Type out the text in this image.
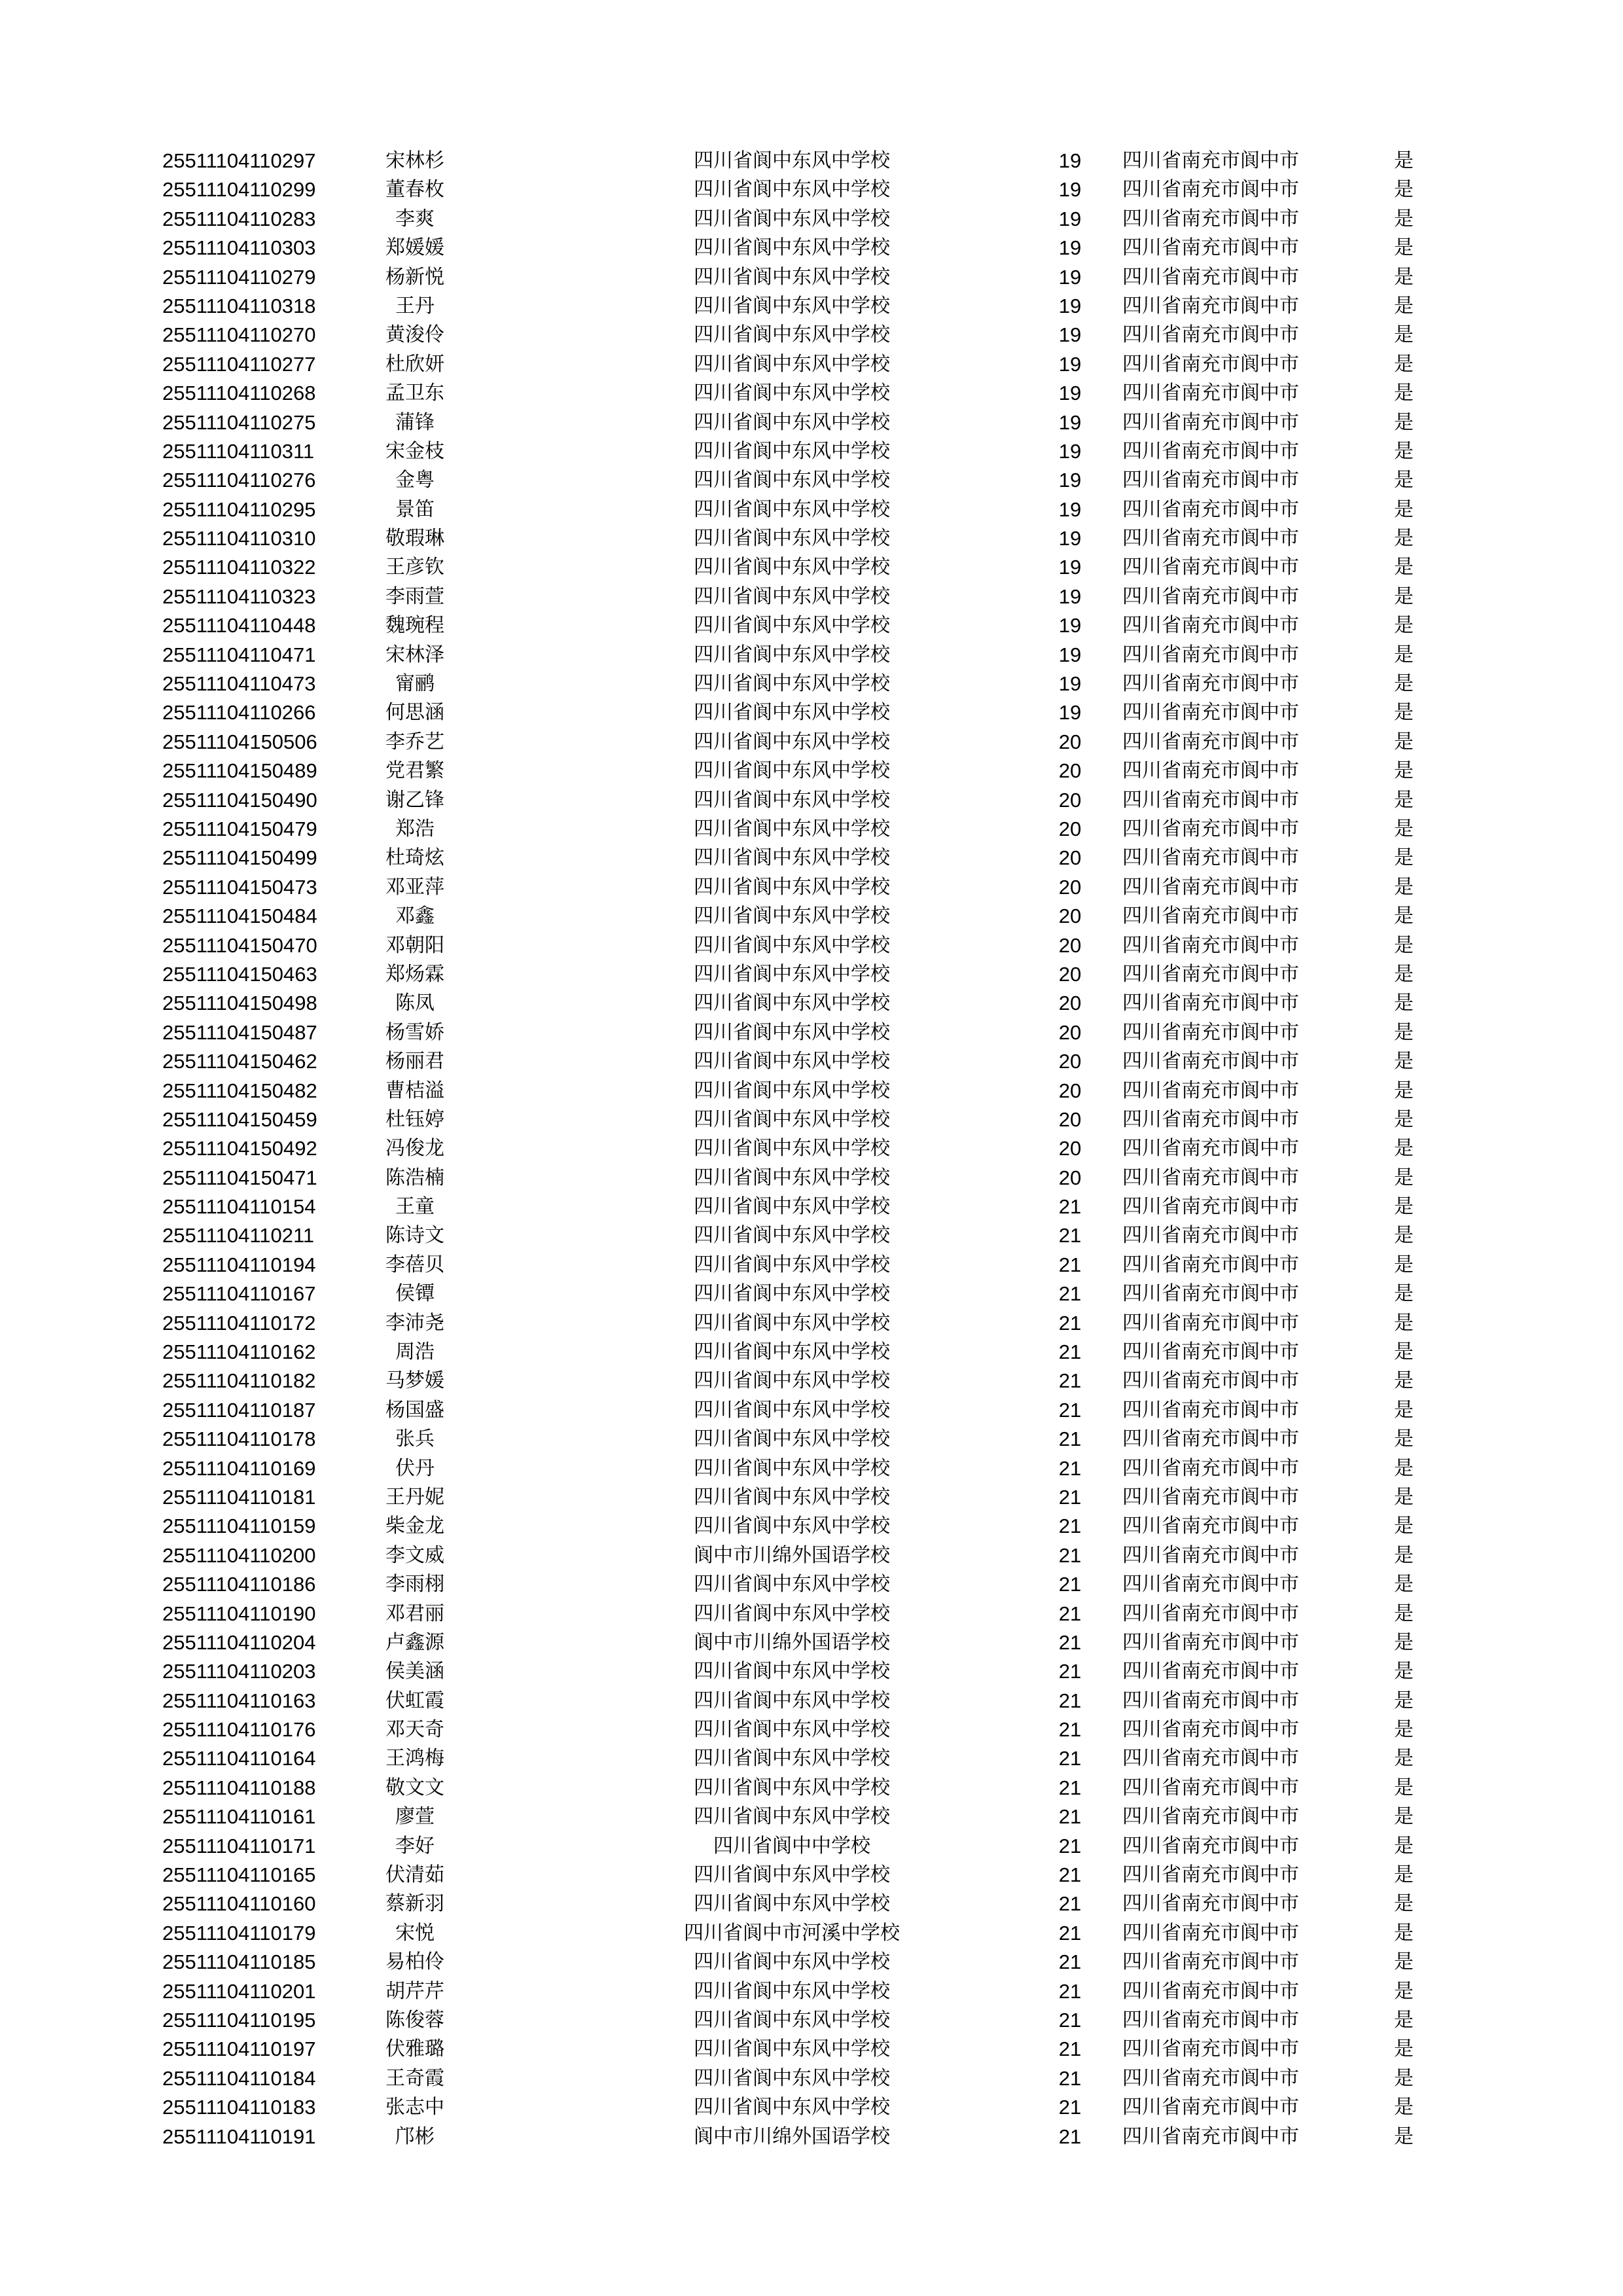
25511104110297	宋林杉	四川省阆中东风中学校	19	四川省南充市阆中市	是
25511104110299	董春枚	四川省阆中东风中学校	19	四川省南充市阆中市	是
25511104110283	李爽	四川省阆中东风中学校	19	四川省南充市阆中市	是
25511104110303	郑媛媛	四川省阆中东风中学校	19	四川省南充市阆中市	是
25511104110279	杨新悦	四川省阆中东风中学校	19	四川省南充市阆中市	是
25511104110318	王丹	四川省阆中东风中学校	19	四川省南充市阆中市	是
25511104110270	黄浚伶	四川省阆中东风中学校	19	四川省南充市阆中市	是
25511104110277	杜欣妍	四川省阆中东风中学校	19	四川省南充市阆中市	是
25511104110268	孟卫东	四川省阆中东风中学校	19	四川省南充市阆中市	是
25511104110275	蒲锋	四川省阆中东风中学校	19	四川省南充市阆中市	是
25511104110311	宋金枝	四川省阆中东风中学校	19	四川省南充市阆中市	是
25511104110276	金粤	四川省阆中东风中学校	19	四川省南充市阆中市	是
25511104110295	景笛	四川省阆中东风中学校	19	四川省南充市阆中市	是
25511104110310	敬瑕琳	四川省阆中东风中学校	19	四川省南充市阆中市	是
25511104110322	王彦钦	四川省阆中东风中学校	19	四川省南充市阆中市	是
25511104110323	李雨萱	四川省阆中东风中学校	19	四川省南充市阆中市	是
25511104110448	魏琬程	四川省阆中东风中学校	19	四川省南充市阆中市	是
25511104110471	宋林泽	四川省阆中东风中学校	19	四川省南充市阆中市	是
25511104110473	甯鹂	四川省阆中东风中学校	19	四川省南充市阆中市	是
25511104110266	何思涵	四川省阆中东风中学校	19	四川省南充市阆中市	是
25511104150506	李乔艺	四川省阆中东风中学校	20	四川省南充市阆中市	是
25511104150489	党君繁	四川省阆中东风中学校	20	四川省南充市阆中市	是
25511104150490	谢乙锋	四川省阆中东风中学校	20	四川省南充市阆中市	是
25511104150479	郑浩	四川省阆中东风中学校	20	四川省南充市阆中市	是
25511104150499	杜琦炫	四川省阆中东风中学校	20	四川省南充市阆中市	是
25511104150473	邓亚萍	四川省阆中东风中学校	20	四川省南充市阆中市	是
25511104150484	邓鑫	四川省阆中东风中学校	20	四川省南充市阆中市	是
25511104150470	邓朝阳	四川省阆中东风中学校	20	四川省南充市阆中市	是
25511104150463	郑炀霖	四川省阆中东风中学校	20	四川省南充市阆中市	是
25511104150498	陈凤	四川省阆中东风中学校	20	四川省南充市阆中市	是
25511104150487	杨雪娇	四川省阆中东风中学校	20	四川省南充市阆中市	是
25511104150462	杨丽君	四川省阆中东风中学校	20	四川省南充市阆中市	是
25511104150482	曹桔溢	四川省阆中东风中学校	20	四川省南充市阆中市	是
25511104150459	杜钰婷	四川省阆中东风中学校	20	四川省南充市阆中市	是
25511104150492	冯俊龙	四川省阆中东风中学校	20	四川省南充市阆中市	是
25511104150471	陈浩楠	四川省阆中东风中学校	20	四川省南充市阆中市	是
25511104110154	王童	四川省阆中东风中学校	21	四川省南充市阆中市	是
25511104110211	陈诗文	四川省阆中东风中学校	21	四川省南充市阆中市	是
25511104110194	李蓓贝	四川省阆中东风中学校	21	四川省南充市阆中市	是
25511104110167	侯镡	四川省阆中东风中学校	21	四川省南充市阆中市	是
25511104110172	李沛尧	四川省阆中东风中学校	21	四川省南充市阆中市	是
25511104110162	周浩	四川省阆中东风中学校	21	四川省南充市阆中市	是
25511104110182	马梦媛	四川省阆中东风中学校	21	四川省南充市阆中市	是
25511104110187	杨国盛	四川省阆中东风中学校	21	四川省南充市阆中市	是
25511104110178	张兵	四川省阆中东风中学校	21	四川省南充市阆中市	是
25511104110169	伏丹	四川省阆中东风中学校	21	四川省南充市阆中市	是
25511104110181	王丹妮	四川省阆中东风中学校	21	四川省南充市阆中市	是
25511104110159	柴金龙	四川省阆中东风中学校	21	四川省南充市阆中市	是
25511104110200	李文威	阆中市川绵外国语学校	21	四川省南充市阆中市	是
25511104110186	李雨栩	四川省阆中东风中学校	21	四川省南充市阆中市	是
25511104110190	邓君丽	四川省阆中东风中学校	21	四川省南充市阆中市	是
25511104110204	卢鑫源	阆中市川绵外国语学校	21	四川省南充市阆中市	是
25511104110203	侯美涵	四川省阆中东风中学校	21	四川省南充市阆中市	是
25511104110163	伏虹霞	四川省阆中东风中学校	21	四川省南充市阆中市	是
25511104110176	邓天奇	四川省阆中东风中学校	21	四川省南充市阆中市	是
25511104110164	王鸿梅	四川省阆中东风中学校	21	四川省南充市阆中市	是
25511104110188	敬文文	四川省阆中东风中学校	21	四川省南充市阆中市	是
25511104110161	廖萱	四川省阆中东风中学校	21	四川省南充市阆中市	是
25511104110171	李好	四川省阆中中学校	21	四川省南充市阆中市	是
25511104110165	伏清茹	四川省阆中东风中学校	21	四川省南充市阆中市	是
25511104110160	蔡新羽	四川省阆中东风中学校	21	四川省南充市阆中市	是
25511104110179	宋悦	四川省阆中市河溪中学校	21	四川省南充市阆中市	是
25511104110185	易柏伶	四川省阆中东风中学校	21	四川省南充市阆中市	是
25511104110201	胡芹芹	四川省阆中东风中学校	21	四川省南充市阆中市	是
25511104110195	陈俊蓉	四川省阆中东风中学校	21	四川省南充市阆中市	是
25511104110197	伏雅璐	四川省阆中东风中学校	21	四川省南充市阆中市	是
25511104110184	王奇霞	四川省阆中东风中学校	21	四川省南充市阆中市	是
25511104110183	张志中	四川省阆中东风中学校	21	四川省南充市阆中市	是
25511104110191	邝彬	阆中市川绵外国语学校	21	四川省南充市阆中市	是
